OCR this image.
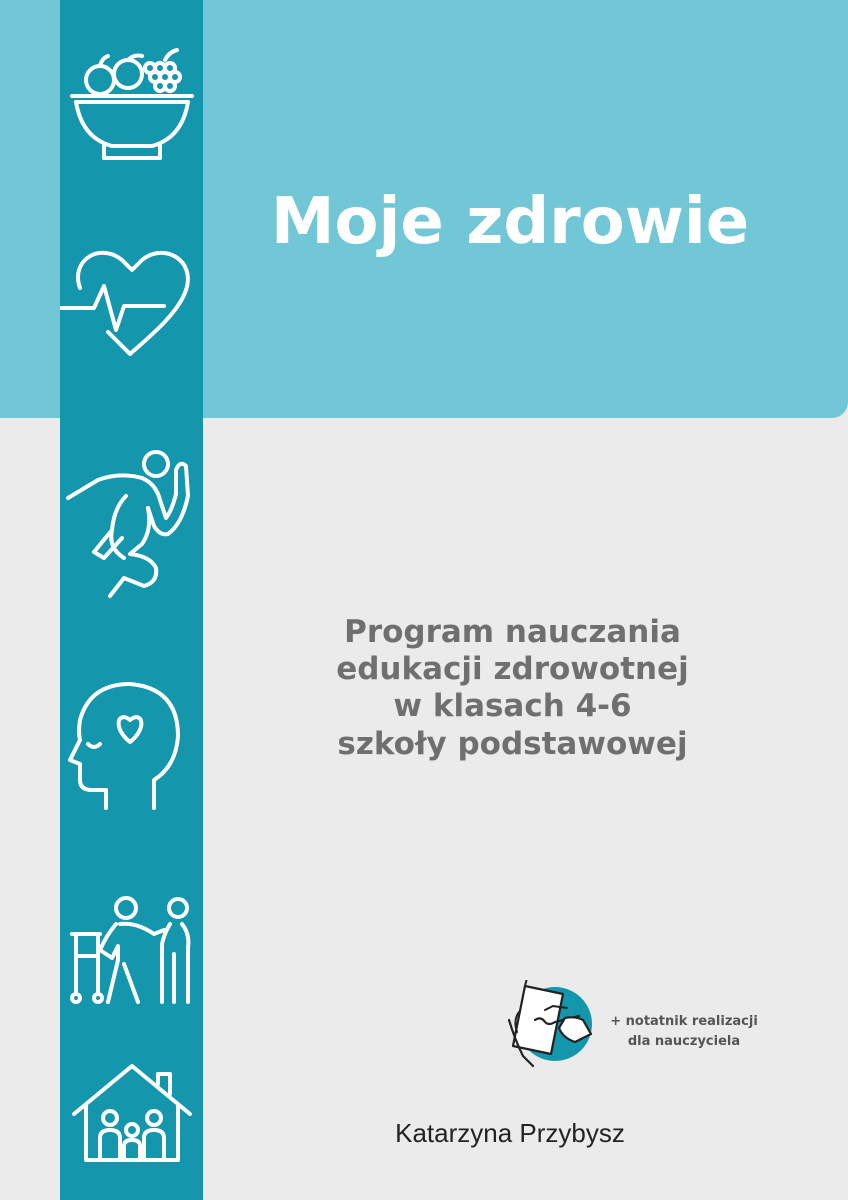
Moje zdrowie
Program nauczania
edukacji zdrowotnej
w klasach 4-6
szkoły podstawowej
+ notatnik realizacji
dla nauczyciela
Katarzyna Przybysz
